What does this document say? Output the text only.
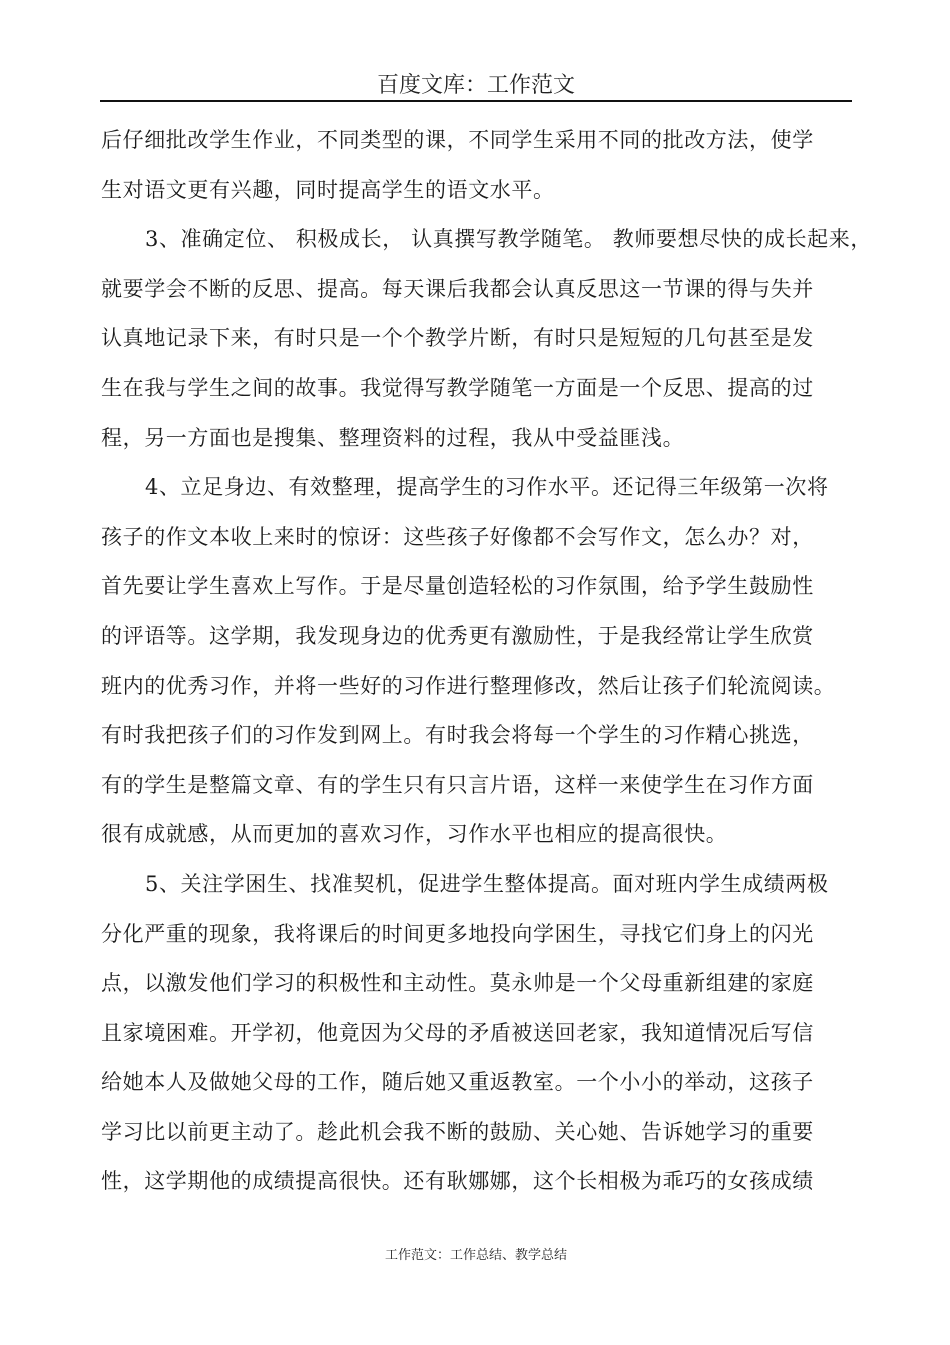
百度文库：工作范文
后仔细批改学生作业，不同类型的课，不同学生采用不同的批改方法，使学
生对语文更有兴趣，同时提高学生的语文水平。
3、准确定位、 积极成长， 认真撰写教学随笔。 教师要想尽快的成长起来，
就要学会不断的反思、提高。每天课后我都会认真反思这一节课的得与失并
认真地记录下来，有时只是一个个教学片断，有时只是短短的几句甚至是发
生在我与学生之间的故事。我觉得写教学随笔一方面是一个反思、提高的过
程，另一方面也是搜集、整理资料的过程，我从中受益匪浅。
4、立足身边、有效整理，提高学生的习作水平。还记得三年级第一次将
孩子的作文本收上来时的惊讶：这些孩子好像都不会写作文，怎么办？对，
首先要让学生喜欢上写作。于是尽量创造轻松的习作氛围，给予学生鼓励性
的评语等。这学期，我发现身边的优秀更有激励性，于是我经常让学生欣赏
班内的优秀习作，并将一些好的习作进行整理修改，然后让孩子们轮流阅读。
有时我把孩子们的习作发到网上。有时我会将每一个学生的习作精心挑选，
有的学生是整篇文章、有的学生只有只言片语，这样一来使学生在习作方面
很有成就感，从而更加的喜欢习作，习作水平也相应的提高很快。
5、关注学困生、找准契机，促进学生整体提高。面对班内学生成绩两极
分化严重的现象，我将课后的时间更多地投向学困生，寻找它们身上的闪光
点，以激发他们学习的积极性和主动性。莫永帅是一个父母重新组建的家庭
且家境困难。开学初，他竟因为父母的矛盾被送回老家，我知道情况后写信
给她本人及做她父母的工作，随后她又重返教室。一个小小的举动，这孩子
学习比以前更主动了。趁此机会我不断的鼓励、关心她、告诉她学习的重要
性，这学期他的成绩提高很快。还有耿娜娜，这个长相极为乖巧的女孩成绩
工作范文：工作总结、教学总结
